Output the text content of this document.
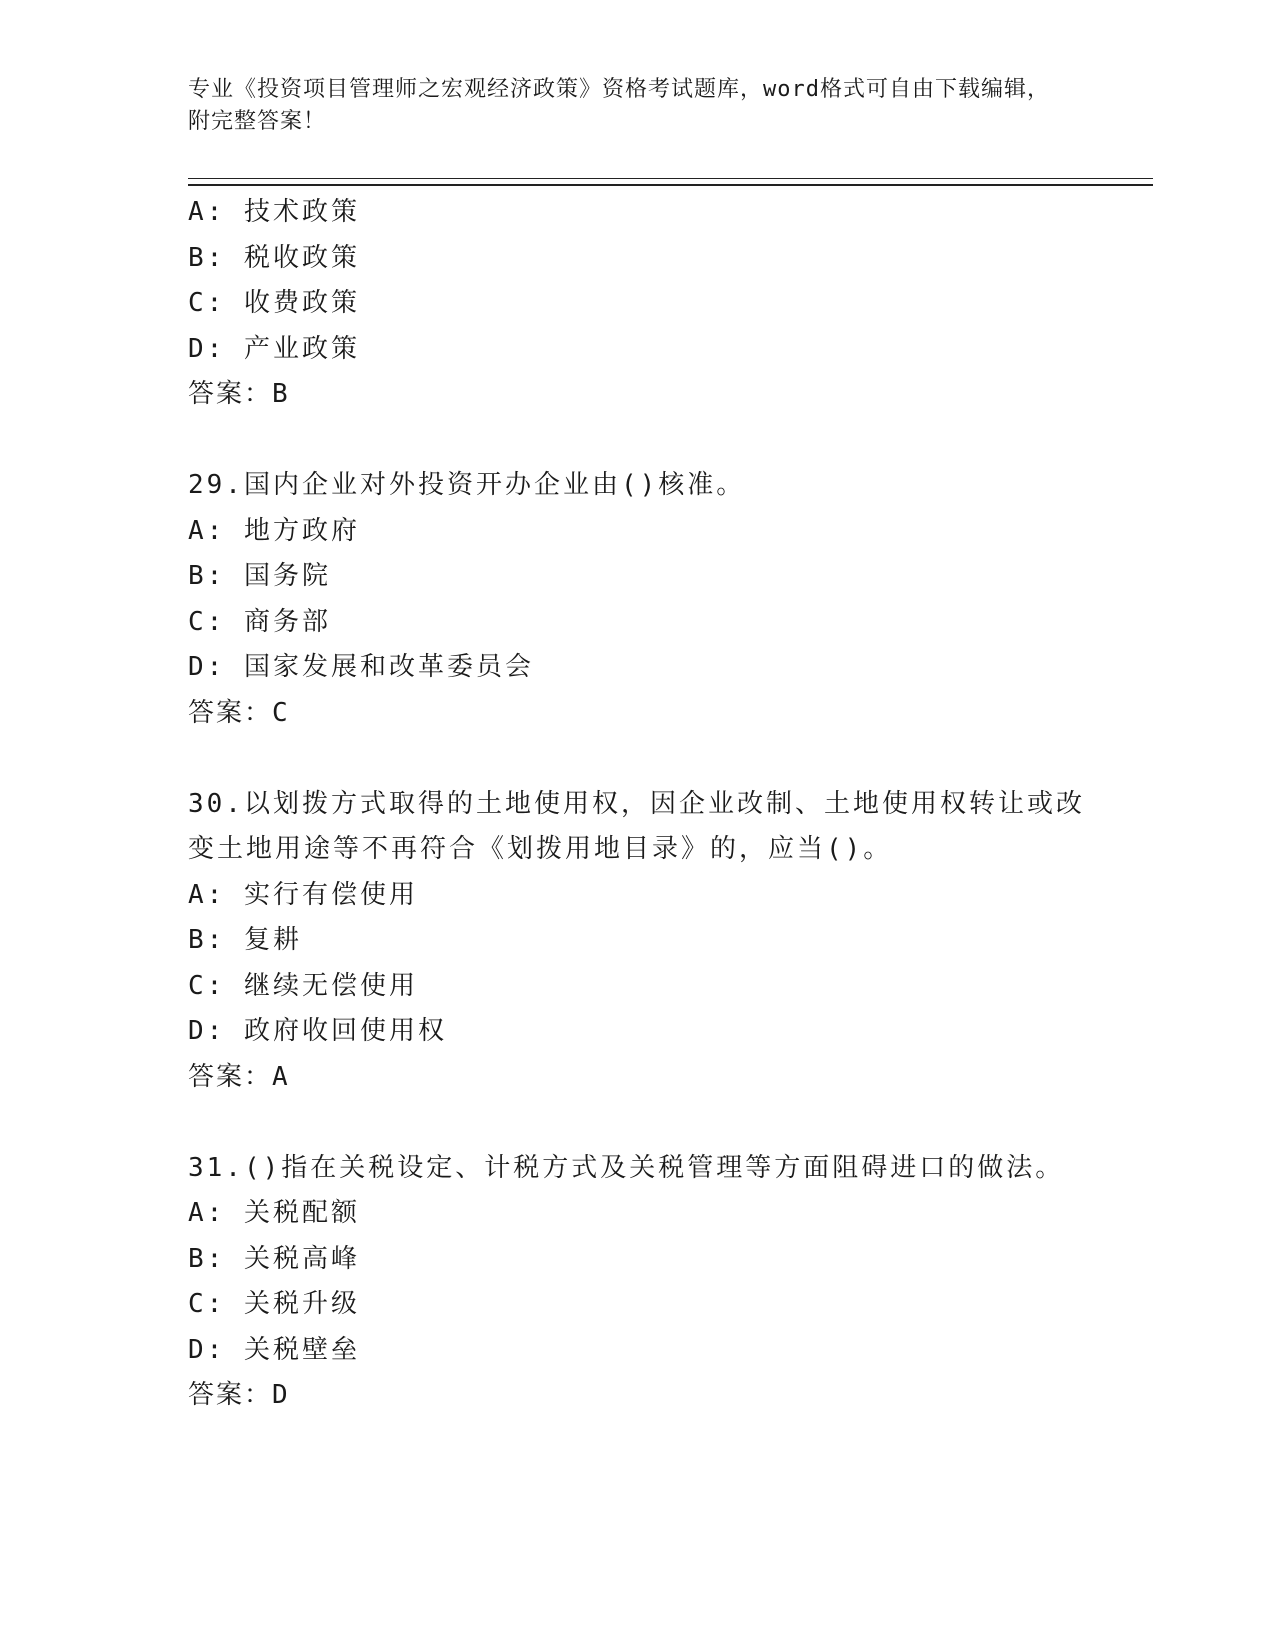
专业《投资项目管理师之宏观经济政策》资格考试题库，word格式可自由下载编辑，附完整答案！
A: 技术政策
B: 税收政策
C: 收费政策
D: 产业政策
答案：B
29.国内企业对外投资开办企业由()核准。
A: 地方政府
B: 国务院
C: 商务部
D: 国家发展和改革委员会
答案：C
30.以划拨方式取得的土地使用权，因企业改制、土地使用权转让或改变土地用途等不再符合《划拨用地目录》的，应当()。
A: 实行有偿使用
B: 复耕
C: 继续无偿使用
D: 政府收回使用权
答案：A
31.()指在关税设定、计税方式及关税管理等方面阻碍进口的做法。
A: 关税配额
B: 关税高峰
C: 关税升级
D: 关税壁垒
答案：D
